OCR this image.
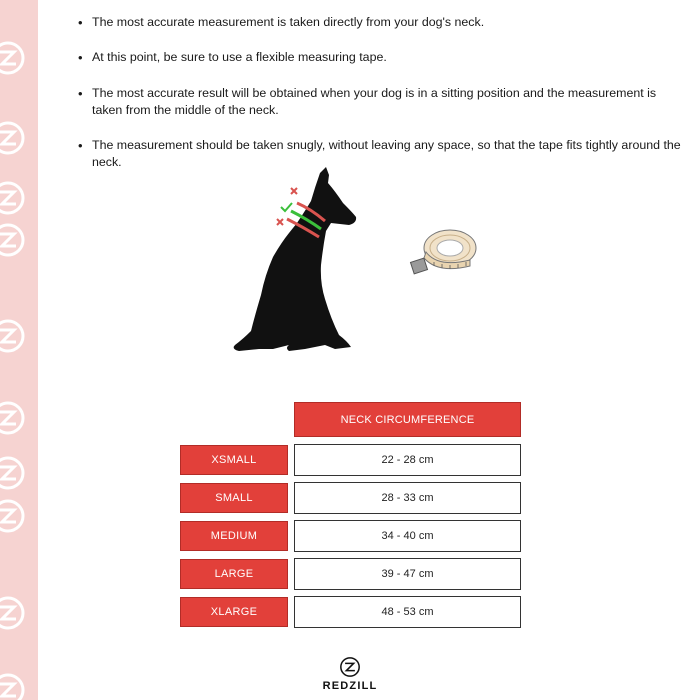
• The most accurate measurement is taken directly from your dog's neck.
• At this point, be sure to use a flexible measuring tape.
• The most accurate result will be obtained when your dog is in a sitting position and the measurement is taken from the middle of the neck.
• The measurement should be taken snugly, without leaving any space, so that the tape fits tightly around the neck.
NECK CIRCUMFERENCE
XSMALL	22 - 28 cm
SMALL	28 - 33 cm
MEDIUM	34 - 40 cm
LARGE	39 - 47 cm
XLARGE	48 - 53 cm
REDZILL
